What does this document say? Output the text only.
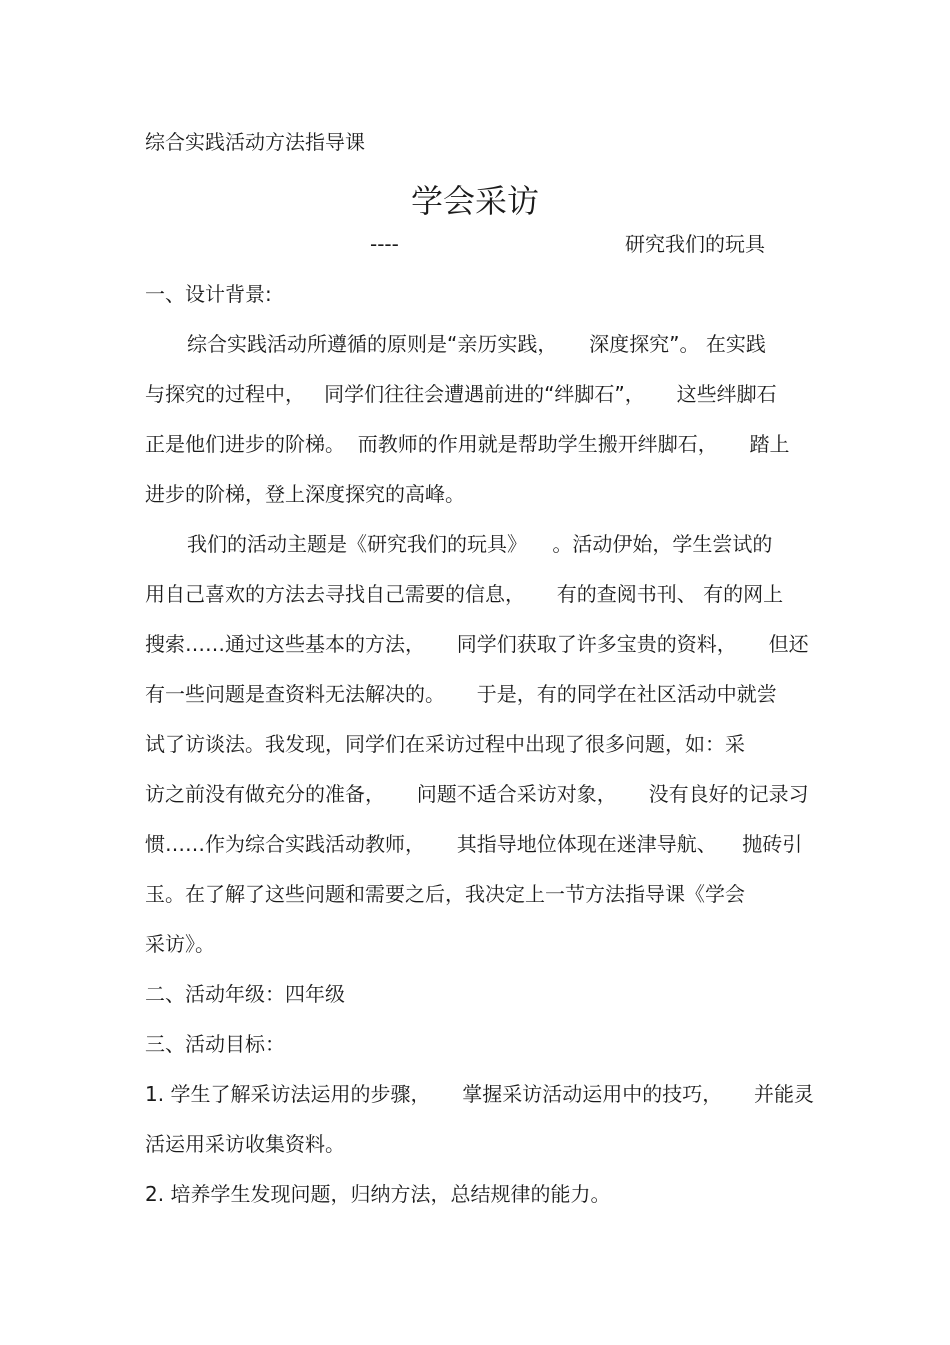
综合实践活动方法指导课
学会采访
----	研究我们的玩具
一、设计背景:
综合实践活动所遵循的原则是“亲历实践，     深度探究”。 在实践
与探究的过程中，   同学们往往会遭遇前进的“绊脚石”，     这些绊脚石
正是他们进步的阶梯。  而教师的作用就是帮助学生搬开绊脚石，     踏上
进步的阶梯，登上深度探究的高峰。
我们的活动主题是《研究我们的玩具》    。活动伊始，学生尝试的
用自己喜欢的方法去寻找自己需要的信息，     有的查阅书刊、 有的网上
搜索……通过这些基本的方法，     同学们获取了许多宝贵的资料，     但还
有一些问题是查资料无法解决的。     于是，有的同学在社区活动中就尝
试了访谈法。我发现，同学们在采访过程中出现了很多问题，如：采
访之前没有做充分的准备，     问题不适合采访对象，     没有良好的记录习
惯……作为综合实践活动教师，     其指导地位体现在迷津导航、    抛砖引
玉。在了解了这些问题和需要之后，我决定上一节方法指导课《学会
采访》。
二、活动年级：四年级
三、活动目标：
1. 学生了解采访法运用的步骤，     掌握采访活动运用中的技巧，     并能灵
活运用采访收集资料。
2. 培养学生发现问题，归纳方法，总结规律的能力。
